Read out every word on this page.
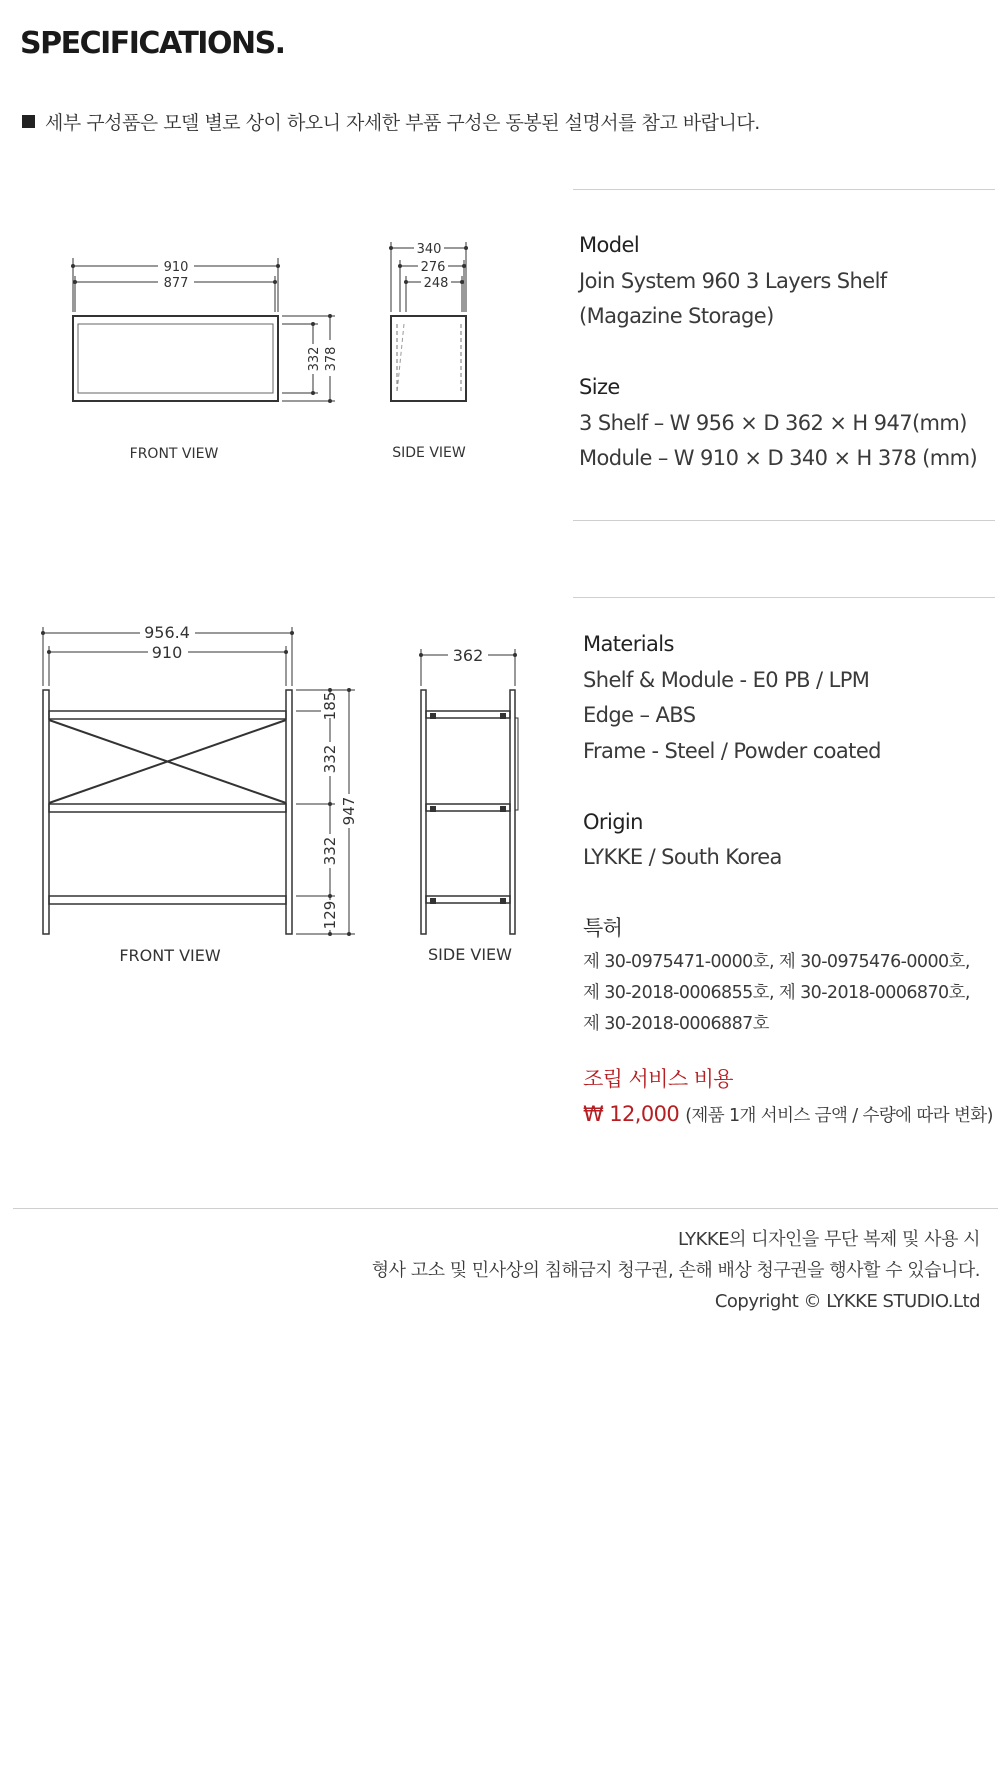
SPECIFICATIONS.
세부 구성품은 모델 별로 상이 하오니 자세한 부품 구성은 동봉된 설명서를 참고 바랍니다.
910
877
332 378
FRONT VIEW
340
276
248
SIDE VIEW
956.4
910
185
332
332
129
947
FRONT VIEW
362
SIDE VIEW
Model
Join System 960 3 Layers Shelf
(Magazine Storage)
Size
3 Shelf – W 956 × D 362 × H 947(mm)
Module – W 910 × D 340 × H 378 (mm)
Materials
Shelf & Module - E0 PB / LPM
Edge – ABS
Frame - Steel / Powder coated
Origin
LYKKE / South Korea
특허
제 30-0975471-0000호, 제 30-0975476-0000호,
제 30-2018-0006855호, 제 30-2018-0006870호,
제 30-2018-0006887호
조립 서비스 비용
₩ 12,000 (제품 1개 서비스 금액 / 수량에 따라 변화)
LYKKE의 디자인을 무단 복제 및 사용 시
형사 고소 및 민사상의 침해금지 청구권, 손해 배상 청구권을 행사할 수 있습니다.
Copyright © LYKKE STUDIO.Ltd
